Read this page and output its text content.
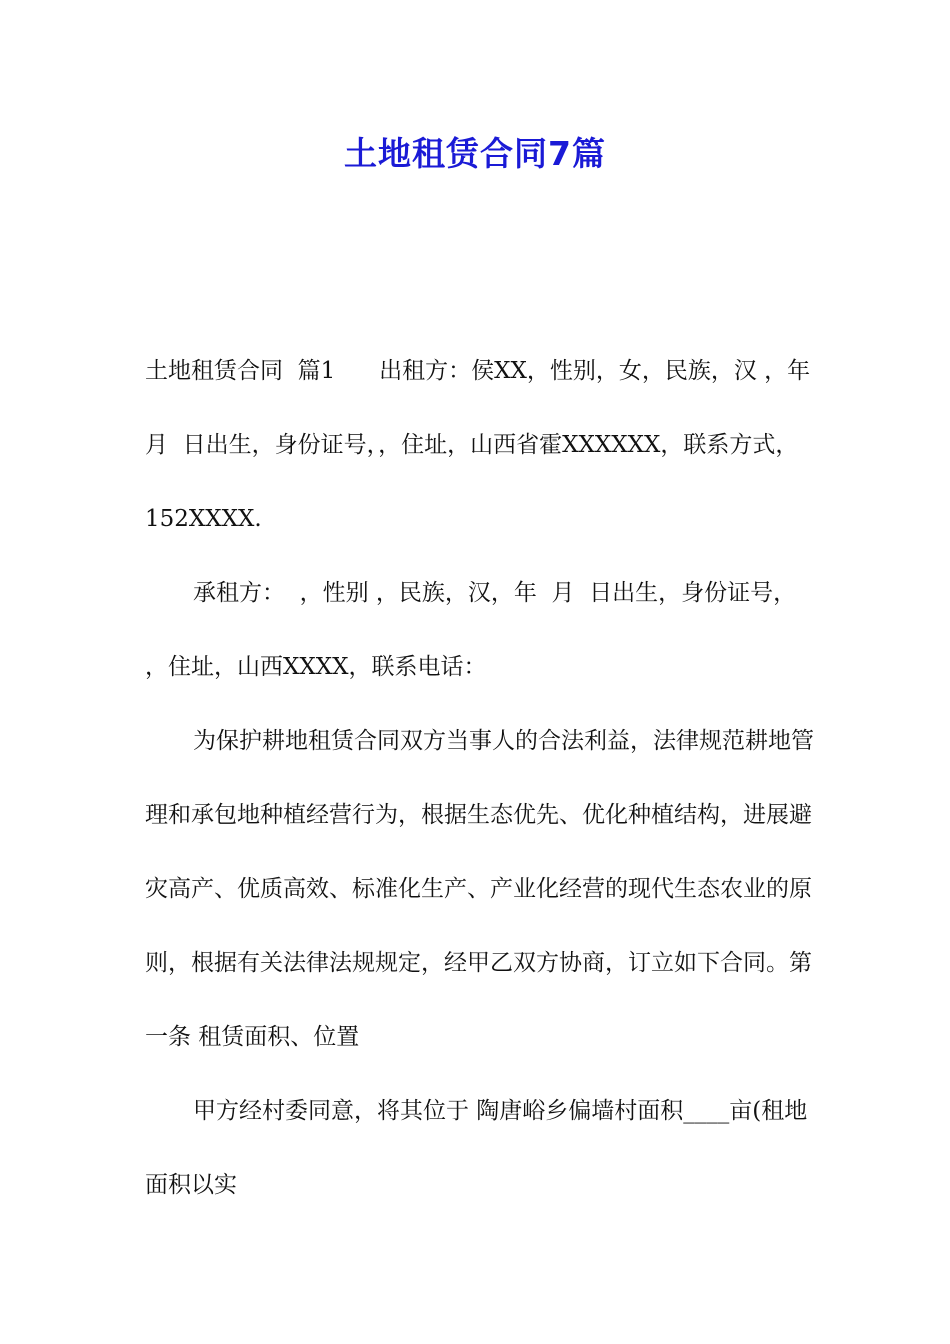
土地租赁合同7篇

土地租赁合同  篇1      出租方：侯XX，性别，女，民族，汉 ，年  月  日出生，身份证号，，住址，山西省霍XXXXXX，联系方式，152XXXX.

承租方：  ，性别 ，民族，汉，年  月  日出生，身份证号，  ，住址，山西XXXX，联系电话：

为保护耕地租赁合同双方当事人的合法利益，法律规范耕地管理和承包地种植经营行为，根据生态优先、优化种植结构，进展避灾高产、优质高效、标准化生产、产业化经营的现代生态农业的原则，根据有关法律法规规定，经甲乙双方协商，订立如下合同。第一条 租赁面积、位置

甲方经村委同意，将其位于 陶唐峪乡偏墙村面积____亩(租地面积以实
